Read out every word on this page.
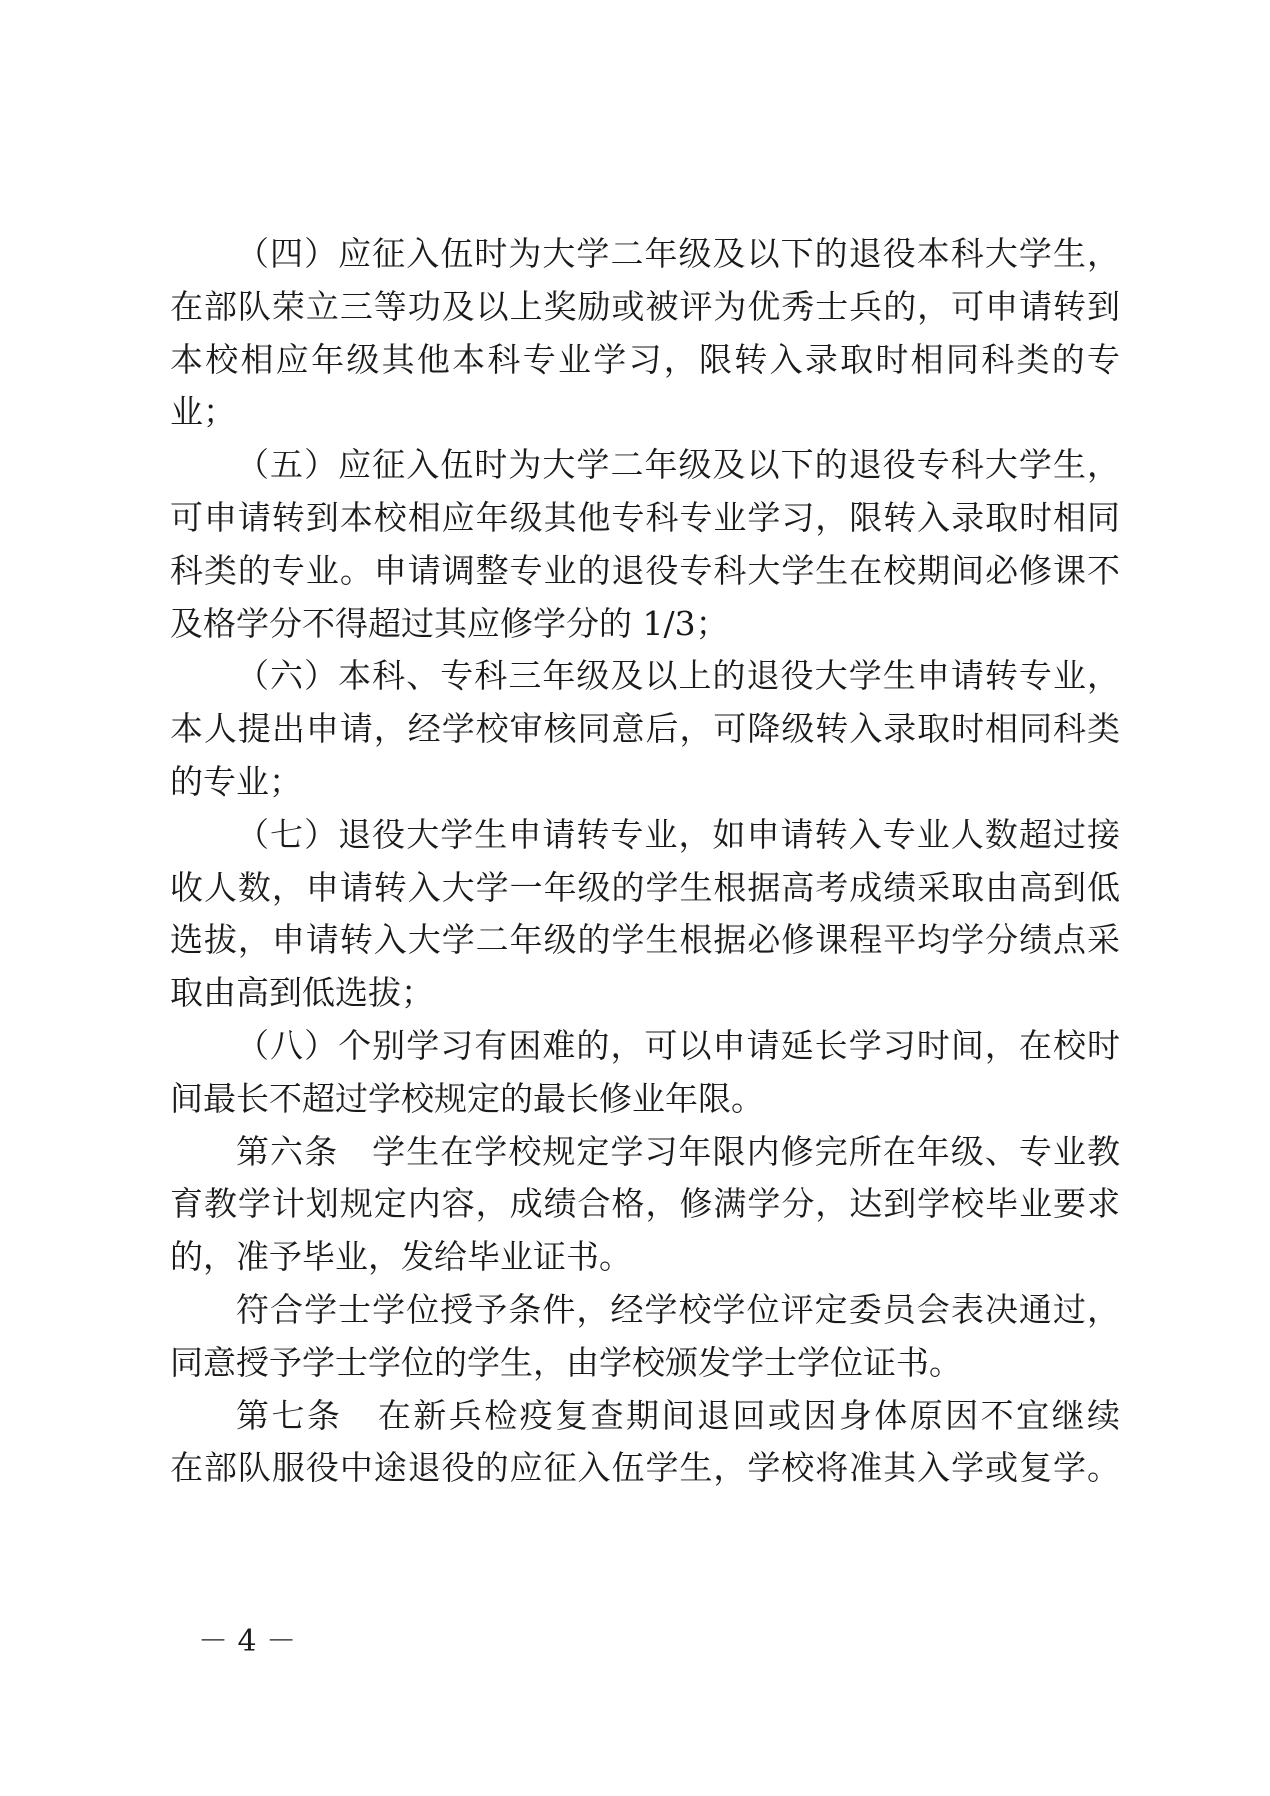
（四）应征入伍时为大学二年级及以下的退役本科大学生，
在部队荣立三等功及以上奖励或被评为优秀士兵的，可申请转到
本校相应年级其他本科专业学习，限转入录取时相同科类的专
业；
（五）应征入伍时为大学二年级及以下的退役专科大学生，
可申请转到本校相应年级其他专科专业学习，限转入录取时相同
科类的专业。申请调整专业的退役专科大学生在校期间必修课不
及格学分不得超过其应修学分的 1/3；
（六）本科、专科三年级及以上的退役大学生申请转专业，
本人提出申请，经学校审核同意后，可降级转入录取时相同科类
的专业；
（七）退役大学生申请转专业，如申请转入专业人数超过接
收人数，申请转入大学一年级的学生根据高考成绩采取由高到低
选拔，申请转入大学二年级的学生根据必修课程平均学分绩点采
取由高到低选拔；
（八）个别学习有困难的，可以申请延长学习时间，在校时
间最长不超过学校规定的最长修业年限。
第六条　学生在学校规定学习年限内修完所在年级、专业教
育教学计划规定内容，成绩合格，修满学分，达到学校毕业要求
的，准予毕业，发给毕业证书。
符合学士学位授予条件，经学校学位评定委员会表决通过，
同意授予学士学位的学生，由学校颁发学士学位证书。
第七条　在新兵检疫复查期间退回或因身体原因不宜继续
在部队服役中途退役的应征入伍学生，学校将准其入学或复学。
－ 4 －
